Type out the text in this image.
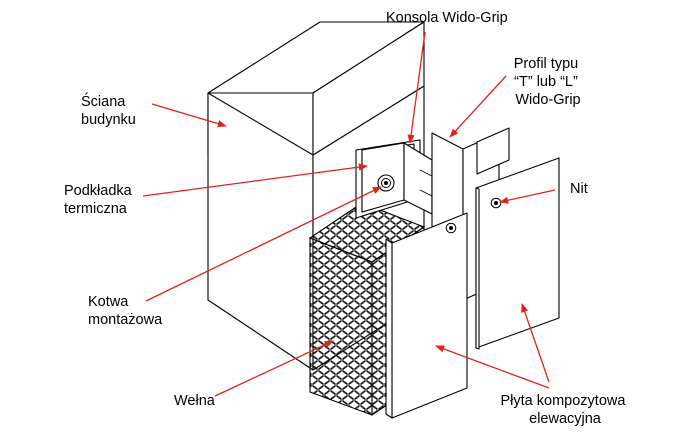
Ściana budynku
Konsola Wido-Grip
Profil typu “T” lub “L” Wido-Grip
Podkładka termiczna
Nit
Kotwa montażowa
Wełna	Płyta kompozytowa elewacyjna
